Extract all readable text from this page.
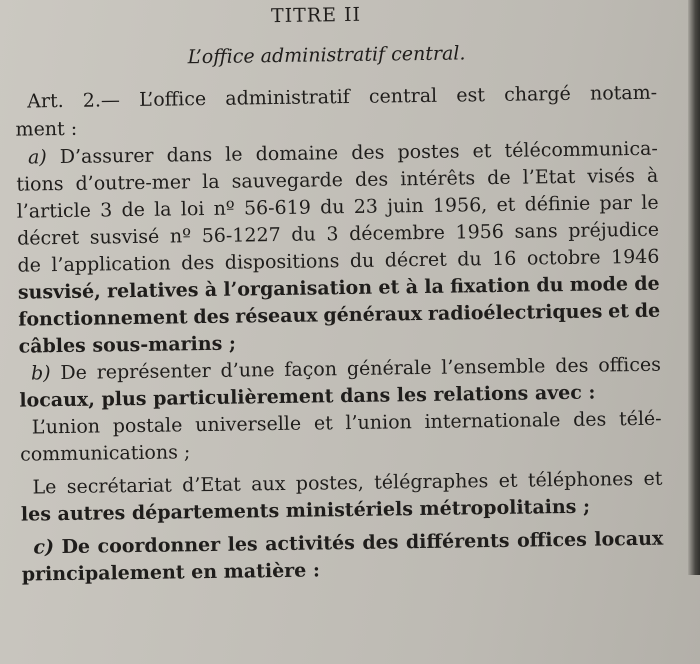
TITRE II
L’office administratif central.
Art. 2.— L’office administratif central est chargé notam-
ment :
a) D’assurer dans le domaine des postes et télécommunica-
tions d’outre-mer la sauvegarde des intérêts de l’Etat visés à
l’article 3 de la loi nº 56-619 du 23 juin 1956, et définie par le
décret susvisé nº 56-1227 du 3 décembre 1956 sans préjudice
de l’application des dispositions du décret du 16 octobre 1946
susvisé, relatives à l’organisation et à la fixation du mode de
fonctionnement des réseaux généraux radioélectriques et de
câbles sous-marins ;
b) De représenter d’une façon générale l’ensemble des offices
locaux, plus particulièrement dans les relations avec :
L’union postale universelle et l’union internationale des télé-
communications ;
Le secrétariat d’Etat aux postes, télégraphes et téléphones et
les autres départements ministériels métropolitains ;
c) De coordonner les activités des différents offices locaux
principalement en matière :
